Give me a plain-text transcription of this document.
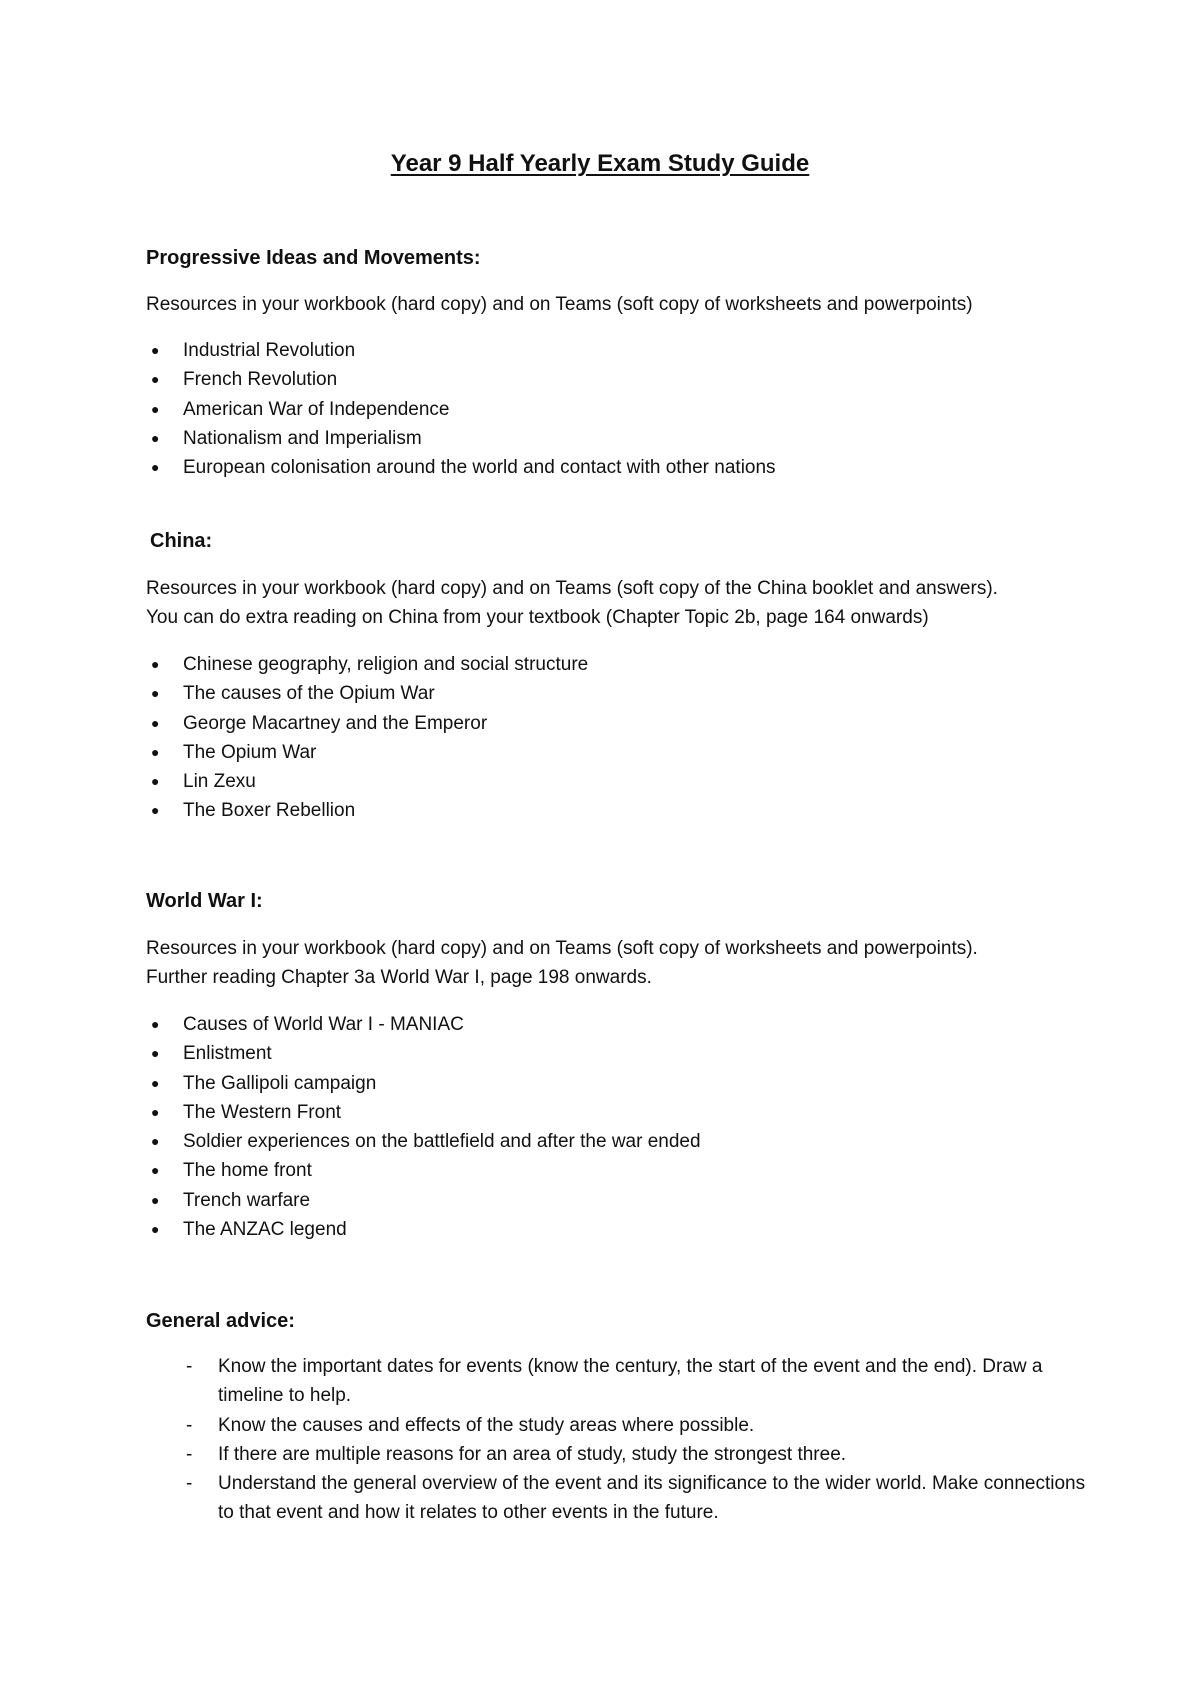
Year 9 Half Yearly Exam Study Guide

Progressive Ideas and Movements:

Resources in your workbook (hard copy) and on Teams (soft copy of worksheets and powerpoints)

● Industrial Revolution
● French Revolution
● American War of Independence
● Nationalism and Imperialism
● European colonisation around the world and contact with other nations

China:

Resources in your workbook (hard copy) and on Teams (soft copy of the China booklet and answers).

You can do extra reading on China from your textbook (Chapter Topic 2b, page 164 onwards)

● Chinese geography, religion and social structure
● The causes of the Opium War
● George Macartney and the Emperor
● The Opium War
● Lin Zexu
● The Boxer Rebellion

World War I:

Resources in your workbook (hard copy) and on Teams (soft copy of worksheets and powerpoints).

Further reading Chapter 3a World War I, page 198 onwards.

● Causes of World War I - MANIAC
● Enlistment
● The Gallipoli campaign
● The Western Front
● Soldier experiences on the battlefield and after the war ended
● The home front
● Trench warfare
● The ANZAC legend

General advice:

- Know the important dates for events (know the century, the start of the event and the end). Draw a timeline to help.
- Know the causes and effects of the study areas where possible.
- If there are multiple reasons for an area of study, study the strongest three.
- Understand the general overview of the event and its significance to the wider world. Make connections to that event and how it relates to other events in the future.
